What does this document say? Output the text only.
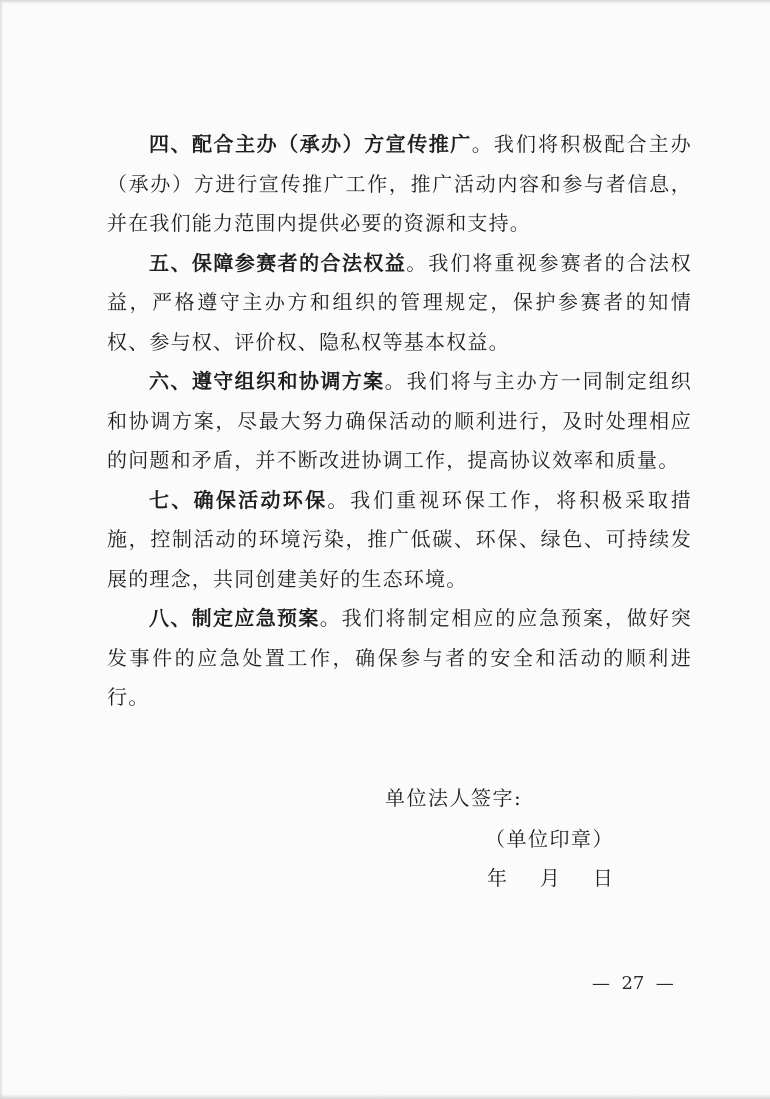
四、配合主办（承办）方宣传推广。我们将积极配合主办（承办）方进行宣传推广工作，推广活动内容和参与者信息，并在我们能力范围内提供必要的资源和支持。

五、保障参赛者的合法权益。我们将重视参赛者的合法权益，严格遵守主办方和组织的管理规定，保护参赛者的知情权、参与权、评价权、隐私权等基本权益。

六、遵守组织和协调方案。我们将与主办方一同制定组织和协调方案，尽最大努力确保活动的顺利进行，及时处理相应的问题和矛盾，并不断改进协调工作，提高协议效率和质量。

七、确保活动环保。我们重视环保工作，将积极采取措施，控制活动的环境污染，推广低碳、环保、绿色、可持续发展的理念，共同创建美好的生态环境。

八、制定应急预案。我们将制定相应的应急预案，做好突发事件的应急处置工作，确保参与者的安全和活动的顺利进行。

单位法人签字:
（单位印章）
年    月    日
—  27  —
